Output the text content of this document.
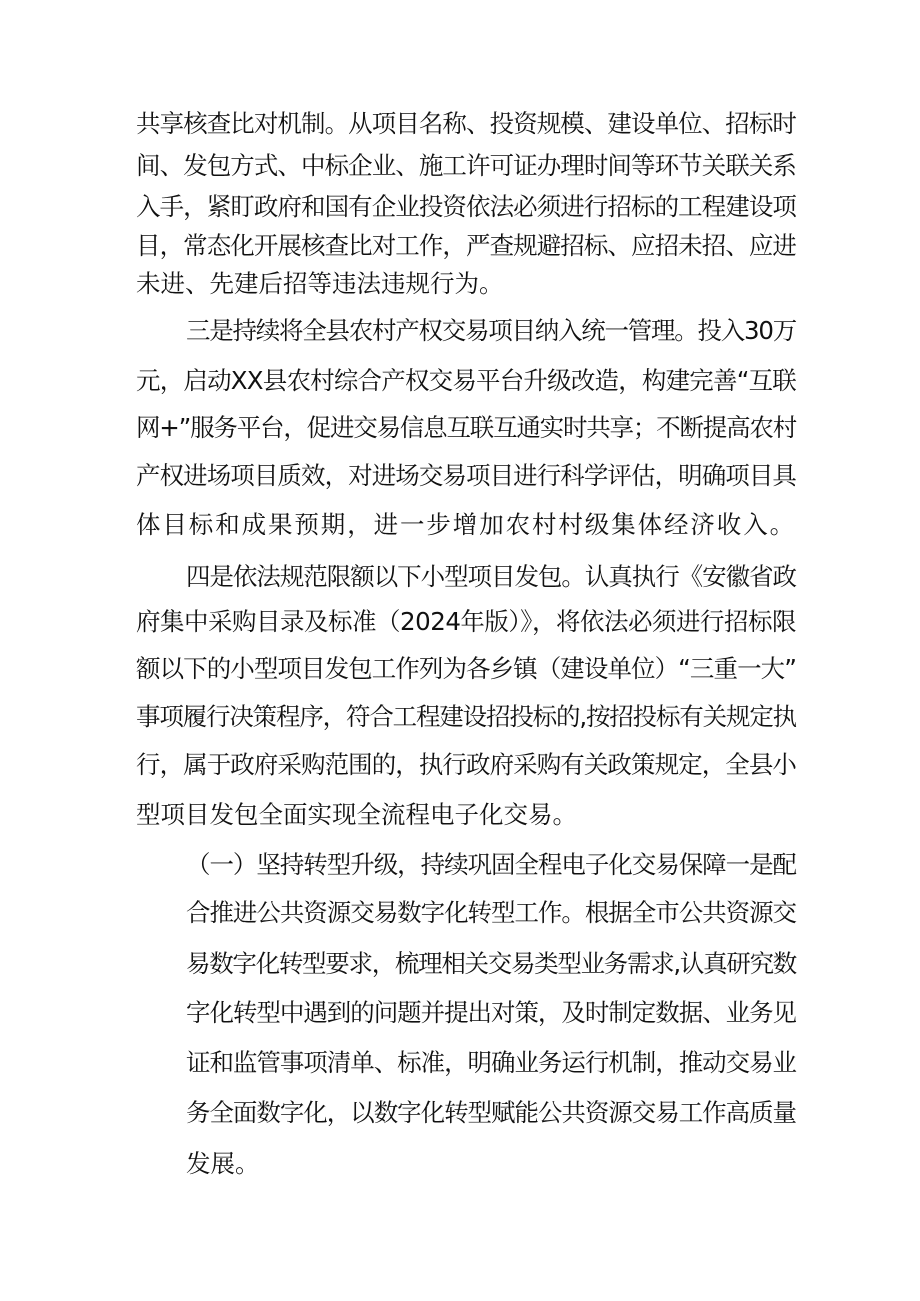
共享核查比对机制。从项目名称、投资规模、建设单位、招标时
间、发包方式、中标企业、施工许可证办理时间等环节关联关系
入手，紧盯政府和国有企业投资依法必须进行招标的工程建设项
目，常态化开展核查比对工作，严查规避招标、应招未招、应进
未进、先建后招等违法违规行为。
三是持续将全县农村产权交易项目纳入统一管理。投入30万
元，启动XX县农村综合产权交易平台升级改造，构建完善“互联
网+”服务平台，促进交易信息互联互通实时共享；不断提高农村
产权进场项目质效，对进场交易项目进行科学评估，明确项目具
体目标和成果预期，进一步增加农村村级集体经济收入。
四是依法规范限额以下小型项目发包。认真执行《安徽省政
府集中采购目录及标准（2024年版）》，将依法必须进行招标限
额以下的小型项目发包工作列为各乡镇（建设单位）“三重一大”
事项履行决策程序，符合工程建设招投标的,按招投标有关规定执
行，属于政府采购范围的，执行政府采购有关政策规定，全县小
型项目发包全面实现全流程电子化交易。
（一）坚持转型升级，持续巩固全程电子化交易保障一是配
合推进公共资源交易数字化转型工作。根据全市公共资源交
易数字化转型要求，梳理相关交易类型业务需求,认真研究数
字化转型中遇到的问题并提出对策，及时制定数据、业务见
证和监管事项清单、标准，明确业务运行机制，推动交易业
务全面数字化，以数字化转型赋能公共资源交易工作高质量
发展。
